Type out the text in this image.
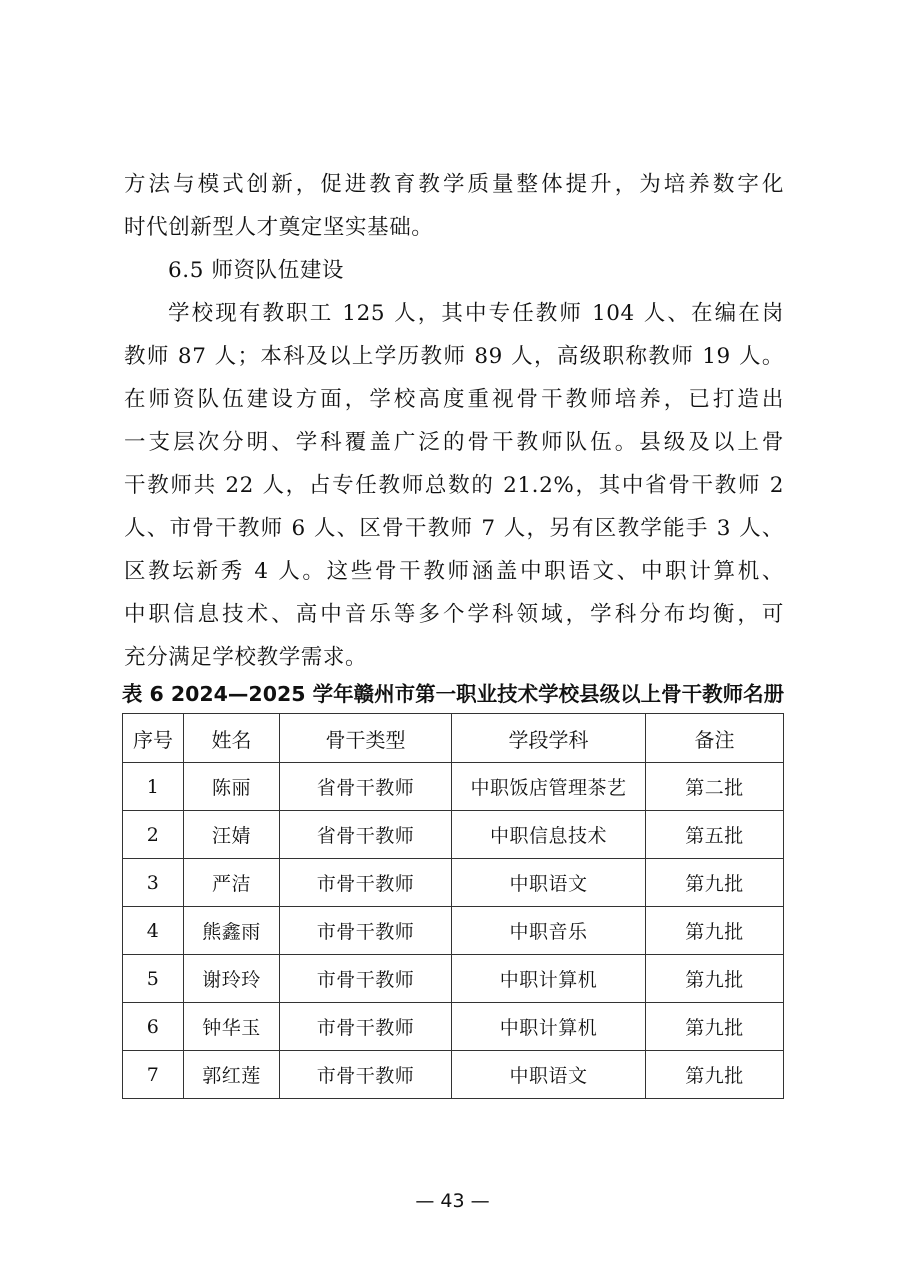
方法与模式创新，促进教育教学质量整体提升，为培养数字化
时代创新型人才奠定坚实基础。

6.5 师资队伍建设

学校现有教职工 125 人，其中专任教师 104 人、在编在岗
教师 87 人；本科及以上学历教师 89 人，高级职称教师 19 人。
在师资队伍建设方面，学校高度重视骨干教师培养，已打造出
一支层次分明、学科覆盖广泛的骨干教师队伍。县级及以上骨
干教师共 22 人，占专任教师总数的 21.2%，其中省骨干教师 2
人、市骨干教师 6 人、区骨干教师 7 人，另有区教学能手 3 人、
区教坛新秀 4 人。这些骨干教师涵盖中职语文、中职计算机、
中职信息技术、高中音乐等多个学科领域，学科分布均衡，可
充分满足学校教学需求。

表 6 2024—2025 学年赣州市第一职业技术学校县级以上骨干教师名册

序号	姓名	骨干类型	学段学科	备注
1	陈丽	省骨干教师	中职饭店管理茶艺	第二批
2	汪婧	省骨干教师	中职信息技术	第五批
3	严洁	市骨干教师	中职语文	第九批
4	熊鑫雨	市骨干教师	中职音乐	第九批
5	谢玲玲	市骨干教师	中职计算机	第九批
6	钟华玉	市骨干教师	中职计算机	第九批
7	郭红莲	市骨干教师	中职语文	第九批

— 43 —
